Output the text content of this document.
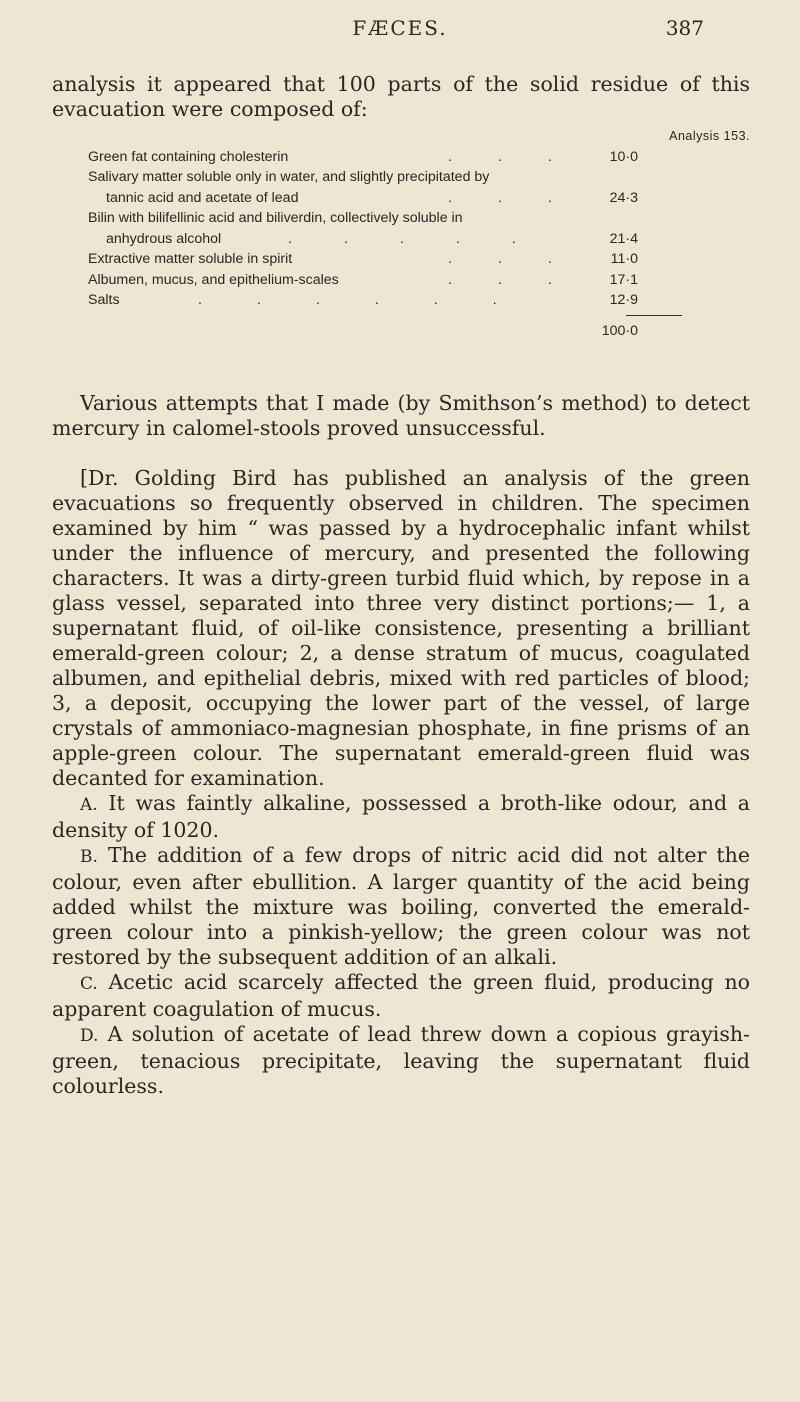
FÆCES.	387

analysis it appeared that 100 parts of the solid residue of this evacuation were composed of:

Analysis 153.
Green fat containing cholesterin	... 10·0
Salivary matter soluble only in water, and slightly precipitated by
tannic acid and acetate of lead	... 24·3
Bilin with bilifellinic acid and biliverdin, collectively soluble in
anhydrous alcohol	.....	21·4
Extractive matter soluble in spirit	... 11·0
Albumen, mucus, and epithelium-scales	... 17·1
Salts	......	12·9
100·0

Various attempts that I made (by Smithson’s method) to detect mercury in calomel-stools proved unsuccessful.

[Dr. Golding Bird has published an analysis of the green evacuations so frequently observed in children. The specimen examined by him “ was passed by a hydrocephalic infant whilst under the influence of mercury, and presented the following characters. It was a dirty-green turbid fluid which, by repose in a glass vessel, separated into three very distinct portions;— 1, a supernatant fluid, of oil-like consistence, presenting a brilliant emerald-green colour; 2, a dense stratum of mucus, coagulated albumen, and epithelial debris, mixed with red particles of blood; 3, a deposit, occupying the lower part of the vessel, of large crystals of ammoniaco-magnesian phosphate, in fine prisms of an apple-green colour. The supernatant emerald-green fluid was decanted for examination.

A. It was faintly alkaline, possessed a broth-like odour, and a density of 1020.

B. The addition of a few drops of nitric acid did not alter the colour, even after ebullition. A larger quantity of the acid being added whilst the mixture was boiling, converted the emerald-green colour into a pinkish-yellow; the green colour was not restored by the subsequent addition of an alkali.

C. Acetic acid scarcely affected the green fluid, producing no apparent coagulation of mucus.

D. A solution of acetate of lead threw down a copious grayish-green, tenacious precipitate, leaving the supernatant fluid colourless.
